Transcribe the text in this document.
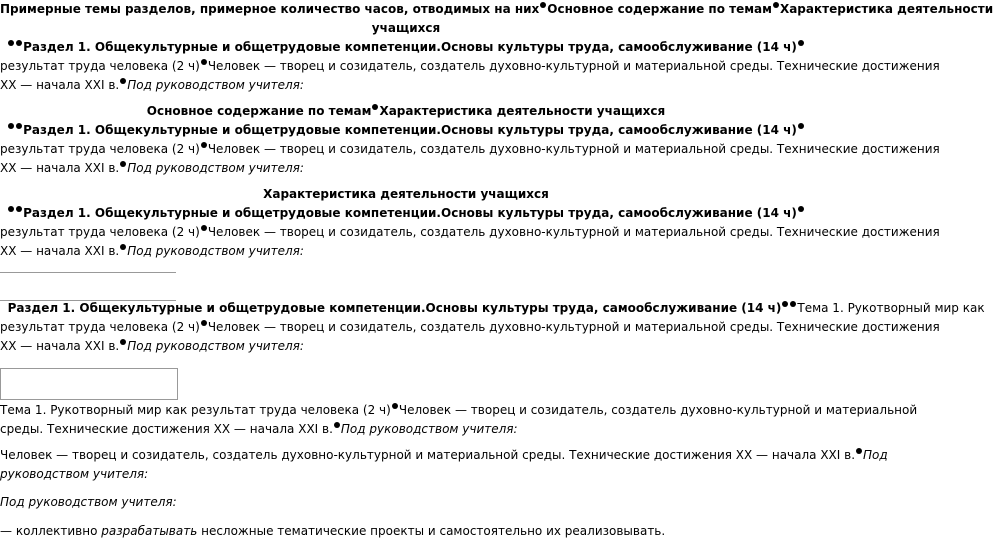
Примерные темы разделов, примерное количество часов, отводимых на них Основное содержание по темам Характеристика деятельности
учащихся
Раздел 1. Общекультурные и общетрудовые компетенции.Основы культуры труда, самообслуживание (14 ч)
результат труда человека (2 ч) Человек — творец и созидатель, создатель духовно-культурной и материальной среды. Технические достижения
ХХ — начала ХХI в. Под руководством учителя:
Основное содержание по темам Характеристика деятельности учащихся
Раздел 1. Общекультурные и общетрудовые компетенции.Основы культуры труда, самообслуживание (14 ч)
результат труда человека (2 ч) Человек — творец и созидатель, создатель духовно-культурной и материальной среды. Технические достижения
ХХ — начала ХХI в. Под руководством учителя:
Характеристика деятельности учащихся
Раздел 1. Общекультурные и общетрудовые компетенции.Основы культуры труда, самообслуживание (14 ч)
результат труда человека (2 ч) Человек — творец и созидатель, создатель духовно-культурной и материальной среды. Технические достижения
ХХ — начала ХХI в. Под руководством учителя:
Раздел 1. Общекультурные и общетрудовые компетенции.Основы культуры труда, самообслуживание (14 ч) Тема 1. Рукотворный мир как
результат труда человека (2 ч) Человек — творец и созидатель, создатель духовно-культурной и материальной среды. Технические достижения
ХХ — начала ХХI в. Под руководством учителя:
Тема 1. Рукотворный мир как результат труда человека (2 ч) Человек — творец и созидатель, создатель духовно-культурной и материальной
среды. Технические достижения ХХ — начала ХХI в. Под руководством учителя:
Человек — творец и созидатель, создатель духовно-культурной и материальной среды. Технические достижения ХХ — начала ХХI в. Под
руководством учителя:
Под руководством учителя:
— коллективно разрабатывать несложные тематические проекты и самостоятельно их реализовывать.
